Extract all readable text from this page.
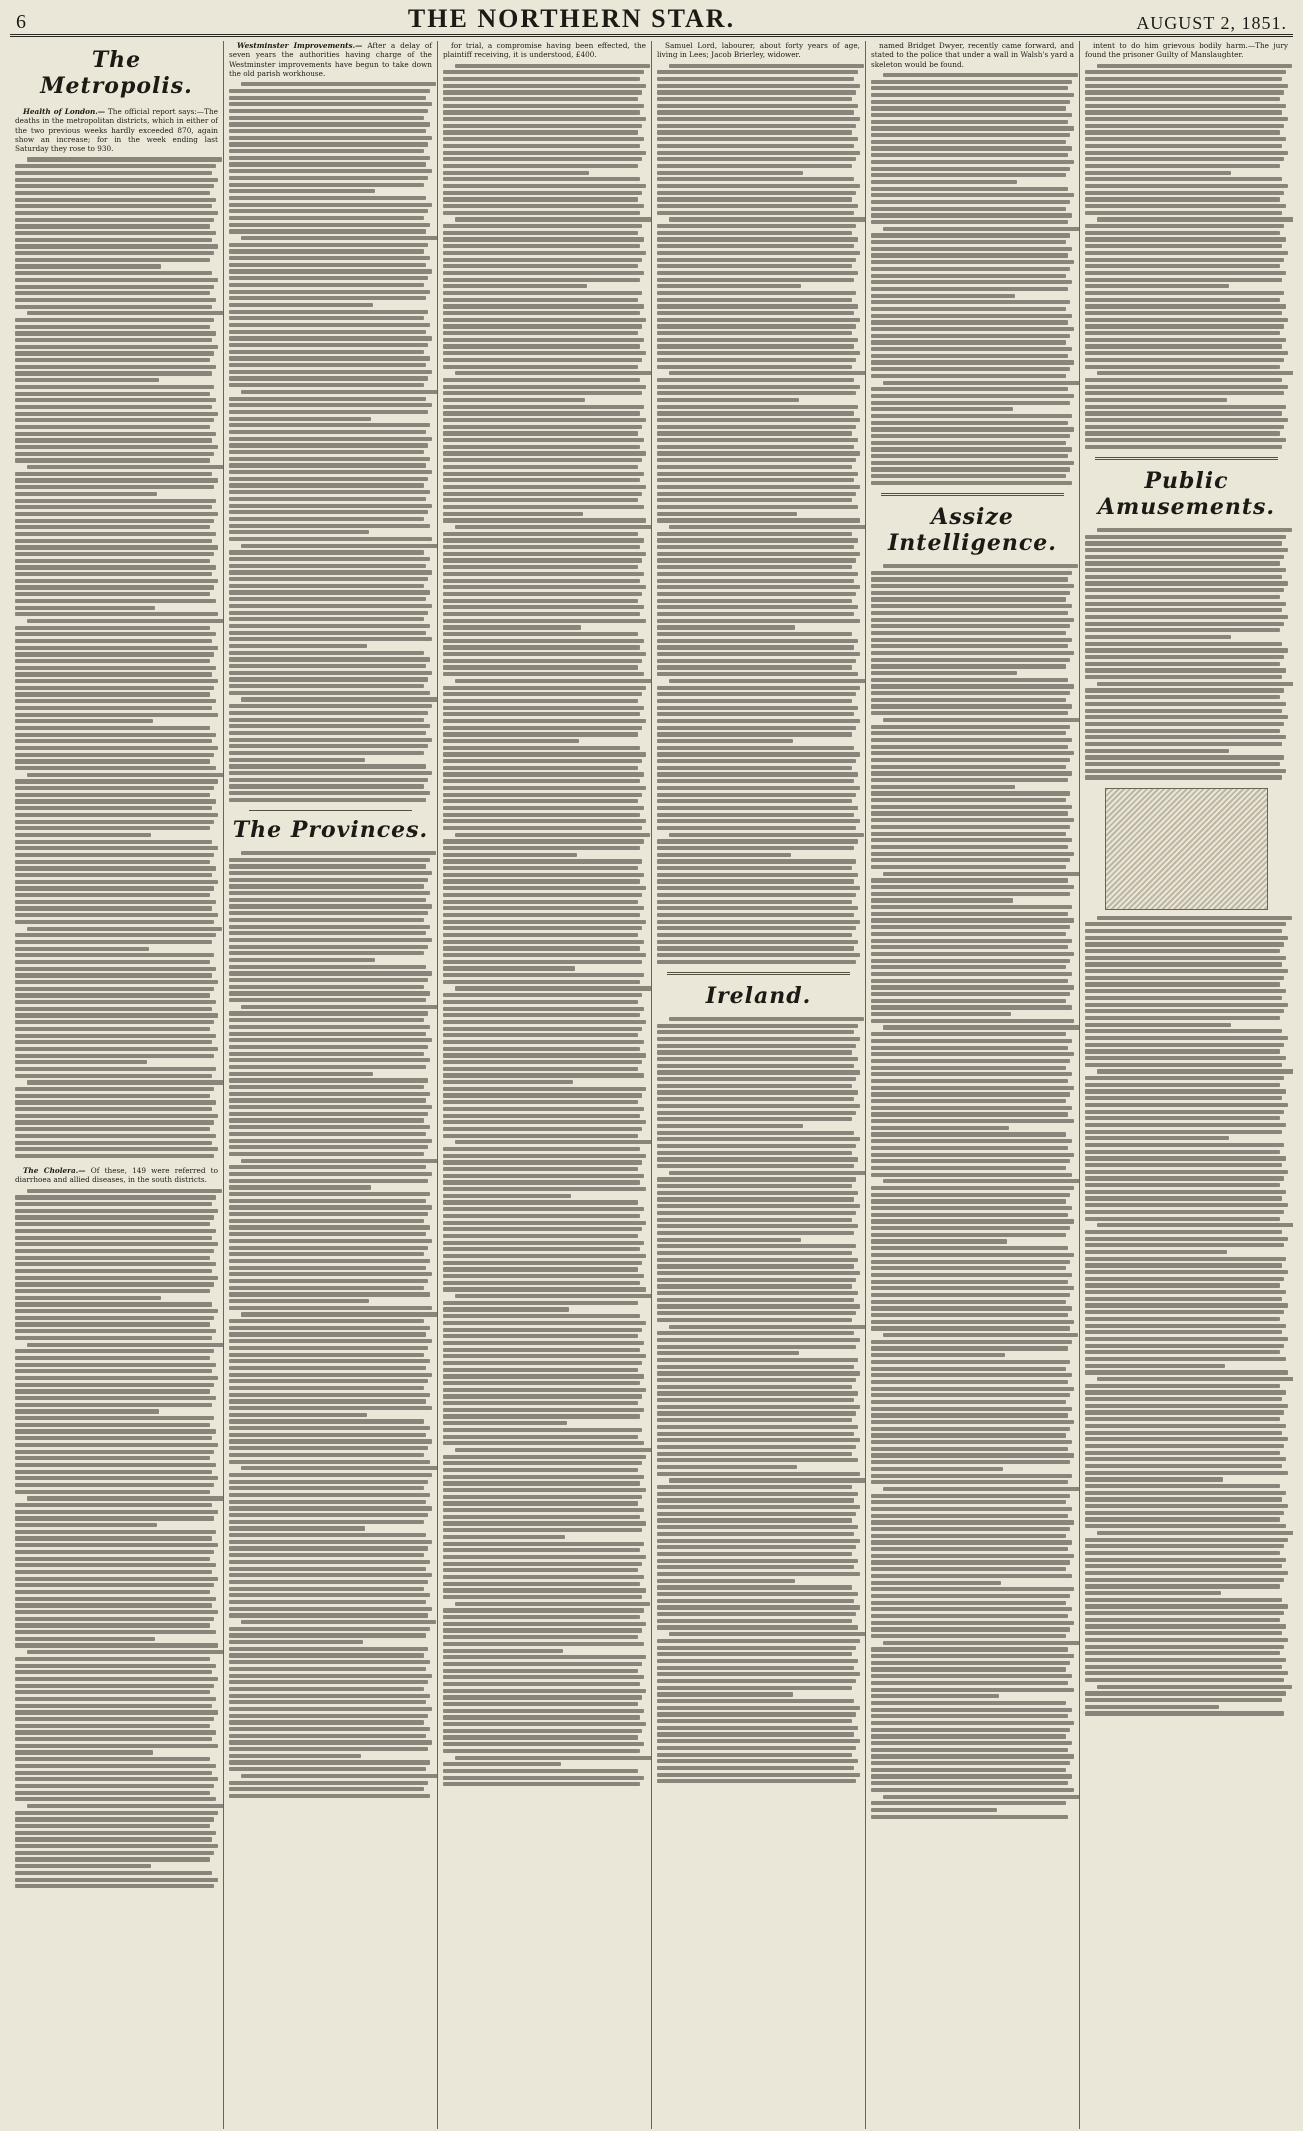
6	THE NORTHERN STAR.	AUGUST 2, 1851.
The Metropolis.

Health of London.— The official report says:—The deaths in the metropolitan districts, which in either of the two previous weeks hardly exceeded 870, again show an increase; for in the week ending last Saturday they rose to 930.

The Cholera.— Of these, 149 were referred to diarrhoea and allied diseases, in the south districts.

Westminster Improvements.— After a delay of seven years the authorities having charge of the Westminster improvements have begun to take down the old parish workhouse.

The Provinces.

for trial, a compromise having been effected, the plaintiff receiving, it is understood, £400.

Samuel Lord, labourer, about forty years of age, living in Lees; Jacob Brierley, widower.

Ireland.

named Bridget Dwyer, recently came forward, and stated to the police that under a wall in Walsh's yard a skeleton would be found.

Assize Intelligence.

intent to do him grievous bodily harm.—The jury found the prisoner Guilty of Manslaughter.

Public Amusements.
